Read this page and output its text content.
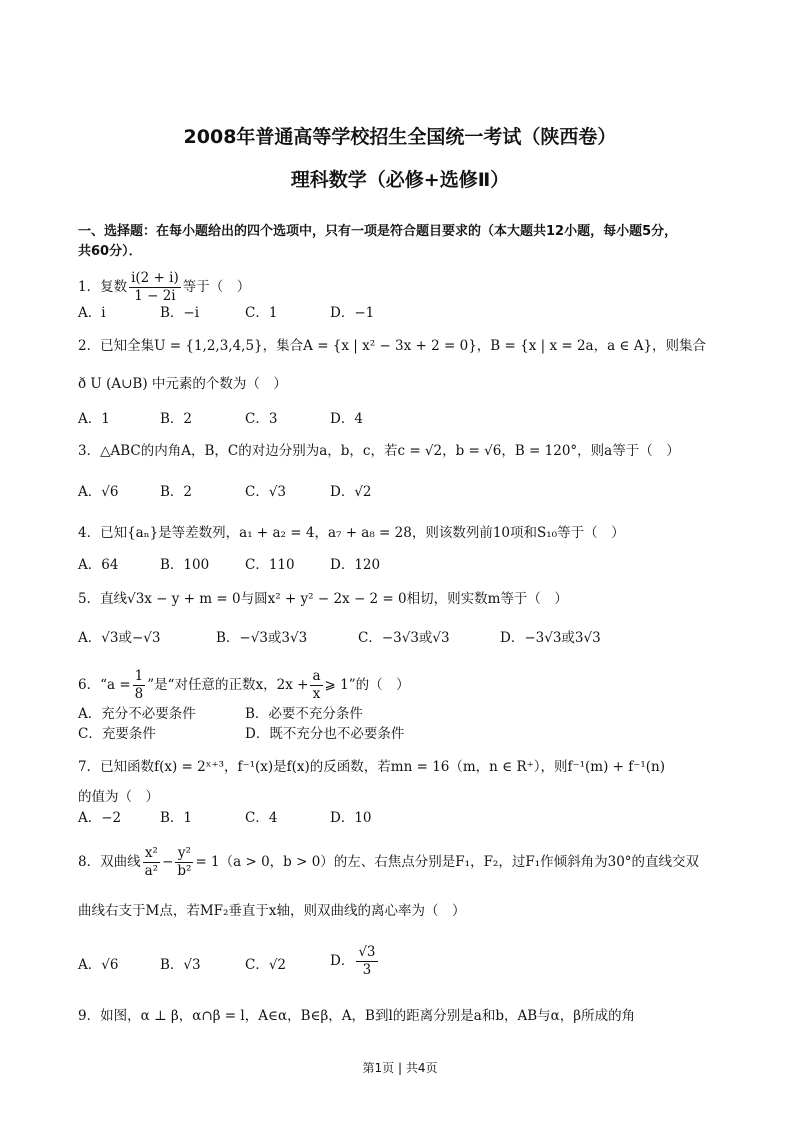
2008年普通高等学校招生全国统一考试（陕西卷）
理科数学（必修+选修Ⅱ）
一、选择题：在每小题给出的四个选项中，只有一项是符合题目要求的（本大题共12小题，每小题5分，
共60分）．
1．复数 $\frac{i(2 + i)}{1 - 2i}$ 等于（　）
A．i	B．−i	C．1	D．−1
2．已知全集U = {1,2,3,4,5}，集合A = {x | x² − 3x + 2 = 0}，B = {x | x = 2a，a ∈ A}，则集合
ð U (A∪B) 中元素的个数为（　）
A．1	B．2	C．3	D．4
3．△ABC的内角A，B，C的对边分别为a，b，c，若c = √2，b = √6，B = 120°，则a等于（　）
A．√6	B．2	C．√3	D．√2
4．已知{aₙ}是等差数列，a₁ + a₂ = 4，a₇ + a₈ = 28，则该数列前10项和S₁₀等于（　）
A．64	B．100	C．110	D．120
5．直线√3x − y + m = 0与圆x² + y² − 2x − 2 = 0相切，则实数m等于（　）
A．√3或−√3	B．−√3或3√3	C．−3√3或√3	D．−3√3或3√3
6．“$a = \frac{1}{8}$ ”是“对任意的正数x，$2x + \frac{a}{x}$ ⩾ 1”的（　）
A．充分不必要条件	B．必要不充分条件
C．充要条件	D．既不充分也不必要条件
7．已知函数f(x) = 2ˣ⁺³，f⁻¹(x)是f(x)的反函数，若mn = 16（m，n ∈ R⁺），则f⁻¹(m) + f⁻¹(n)
的值为（　）
A．−2	B．1	C．4	D．10
8．双曲线 $\frac{\text{x²}}{\text{a²}} - \frac{\text{y²}}{\text{b²}} = 1(a > 0$，b > 0）的左、右焦点分别是F₁，F₂，过F₁作倾斜角为30°的直线交双
曲线右支于M点，若MF₂垂直于x轴，则双曲线的离心率为（　）
A．√6	B．√3	C．√2	D． $\frac{√3}{3}$
9．如图，α ⊥ β，α∩β = l，A∈α，B∈β，A，B到l的距离分别是a和b，AB与α，β所成的角
第1页 | 共4页
